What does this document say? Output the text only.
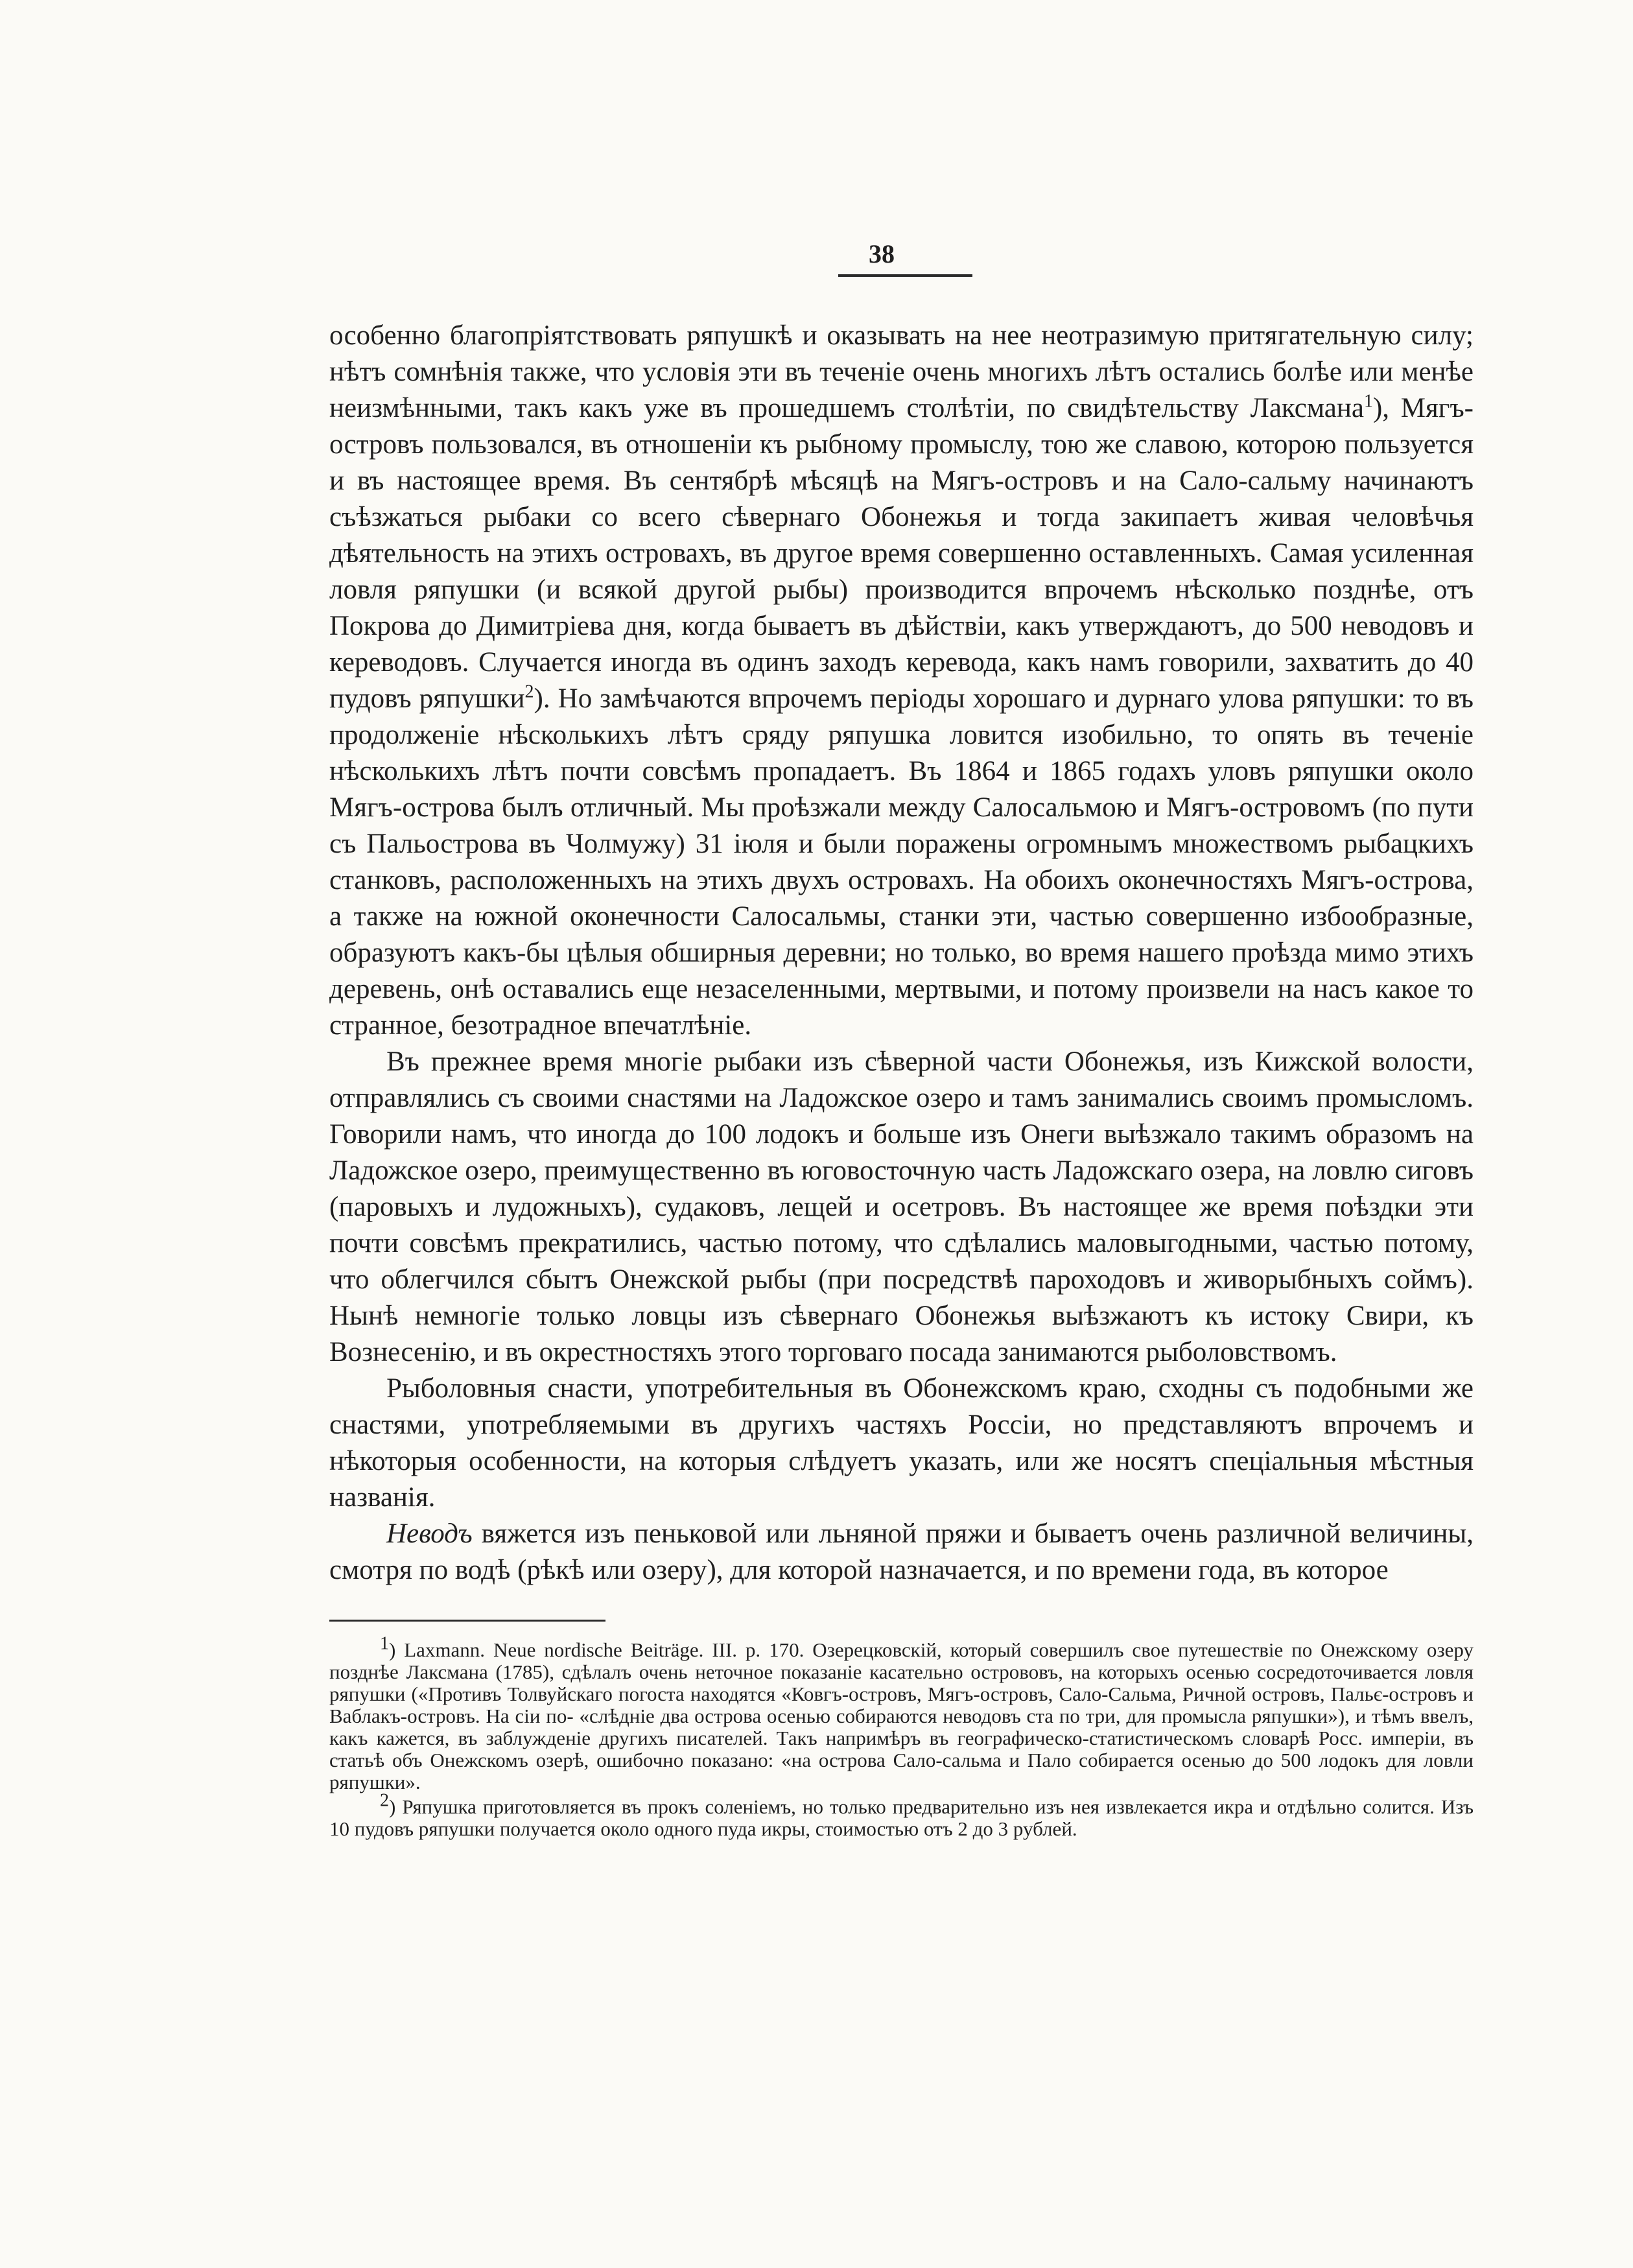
38

особенно благопріятствовать ряпушкѣ и оказывать на нее неотразимую притягательную силу; нѣтъ сомнѣнія также, что условія эти въ теченіе очень многихъ лѣтъ остались болѣе или менѣе неизмѣнными, такъ какъ уже въ прошедшемъ столѣтіи, по свидѣтельству Лаксмана$^1$), Мягъ-островъ пользовался, въ отношеніи къ рыбному промыслу, тою же славою, которою пользуется и въ настоящее время. Въ сентябрѣ мѣсяцѣ на Мягъ-островъ и на Сало-сальму начинаютъ съѣзжаться рыбаки со всего сѣвернаго Обонежья и тогда закипаетъ живая человѣчья дѣятельность на этихъ островахъ, въ другое время совершенно оставленныхъ. Самая усиленная ловля ряпушки (и всякой другой рыбы) производится впрочемъ нѣсколько позднѣе, отъ Покрова до Димитріева дня, когда бываетъ въ дѣйствіи, какъ утверждаютъ, до 500 неводовъ и кереводовъ. Случается иногда въ одинъ заходъ керевода, какъ намъ говорили, захватить до 40 пудовъ ряпушки$^2$). Но замѣчаются впрочемъ періоды хорошаго и дурнаго улова ряпушки: то въ продолженіе нѣсколькихъ лѣтъ сряду ряпушка ловится изобильно, то опять въ теченіе нѣсколькихъ лѣтъ почти совсѣмъ пропадаетъ. Въ 1864 и 1865 годахъ уловъ ряпушки около Мягъ-острова былъ отличный. Мы проѣзжали между Салосальмою и Мягъ-островомъ (по пути съ Пальострова въ Чолмужу) 31 іюля и были поражены огромнымъ множествомъ рыбацкихъ станковъ, расположенныхъ на этихъ двухъ островахъ. На обоихъ оконечностяхъ Мягъ-острова, а также на южной оконечности Салосальмы, станки эти, частью совершенно избообразные, образуютъ какъ-бы цѣлыя обширныя деревни; но только, во время нашего проѣзда мимо этихъ деревень, онѣ оставались еще незаселенными, мертвыми, и потому произвели на насъ какое то странное, безотрадное впечатлѣніе.

Въ прежнее время многіе рыбаки изъ сѣверной части Обонежья, изъ Кижской волости, отправлялись съ своими снастями на Ладожское озеро и тамъ занимались своимъ промысломъ. Говорили намъ, что иногда до 100 лодокъ и больше изъ Онеги выѣзжало такимъ образомъ на Ладожское озеро, преимущественно въ юговосточную часть Ладожскаго озера, на ловлю сиговъ (паровыхъ и лудожныхъ), судаковъ, лещей и осетровъ. Въ настоящее же время поѣздки эти почти совсѣмъ прекратились, частью потому, что сдѣлались маловыгодными, частью потому, что облегчился сбытъ Онежской рыбы (при посредствѣ пароходовъ и живорыбныхъ соймъ). Нынѣ немногіе только ловцы изъ сѣвернаго Обонежья выѣзжаютъ къ истоку Свири, къ Вознесенію, и въ окрестностяхъ этого торговаго посада занимаются рыболовствомъ.

Рыболовныя снасти, употребительныя въ Обонежскомъ краю, сходны съ подобными же снастями, употребляемыми въ другихъ частяхъ Россіи, но представляютъ впрочемъ и нѣкоторыя особенности, на которыя слѣдуетъ указать, или же носятъ спеціальныя мѣстныя названія.

Неводъ вяжется изъ пеньковой или льняной пряжи и бываетъ очень различной величины, смотря по водѣ (рѣкѣ или озеру), для которой назначается, и по времени года, въ которое

1) Laxmann. Neue nordische Beiträge. III. p. 170. Озерецковскій, который совершилъ свое путешествіе по Онежскому озеру позднѣе Лаксмана (1785), сдѣлалъ очень неточное показаніе касательно острововъ, на которыхъ осенью сосредоточивается ловля ряпушки («Противъ Толвуйскаго погоста находятся «Ковгъ-островъ, Мягъ-островъ, Сало-Сальма, Ричной островъ, Пальє-островъ и Ваблакъ-островъ. На сіи по- «слѣдніе два острова осенью собираются неводовъ ста по три, для промысла ряпушки»), и тѣмъ ввелъ, какъ кажется, въ заблужденіе другихъ писателей. Такъ напримѣръ въ географическо-статистическомъ словарѣ Росс. имперіи, въ статьѣ объ Онежскомъ озерѣ, ошибочно показано: «на острова Сало-сальма и Пало собирается осенью до 500 лодокъ для ловли ряпушки».

2) Ряпушка приготовляется въ прокъ соленіемъ, но только предварительно изъ нея извлекается икра и отдѣльно солится. Изъ 10 пудовъ ряпушки получается около одного пуда икры, стоимостью отъ 2 до 3 рублей.
